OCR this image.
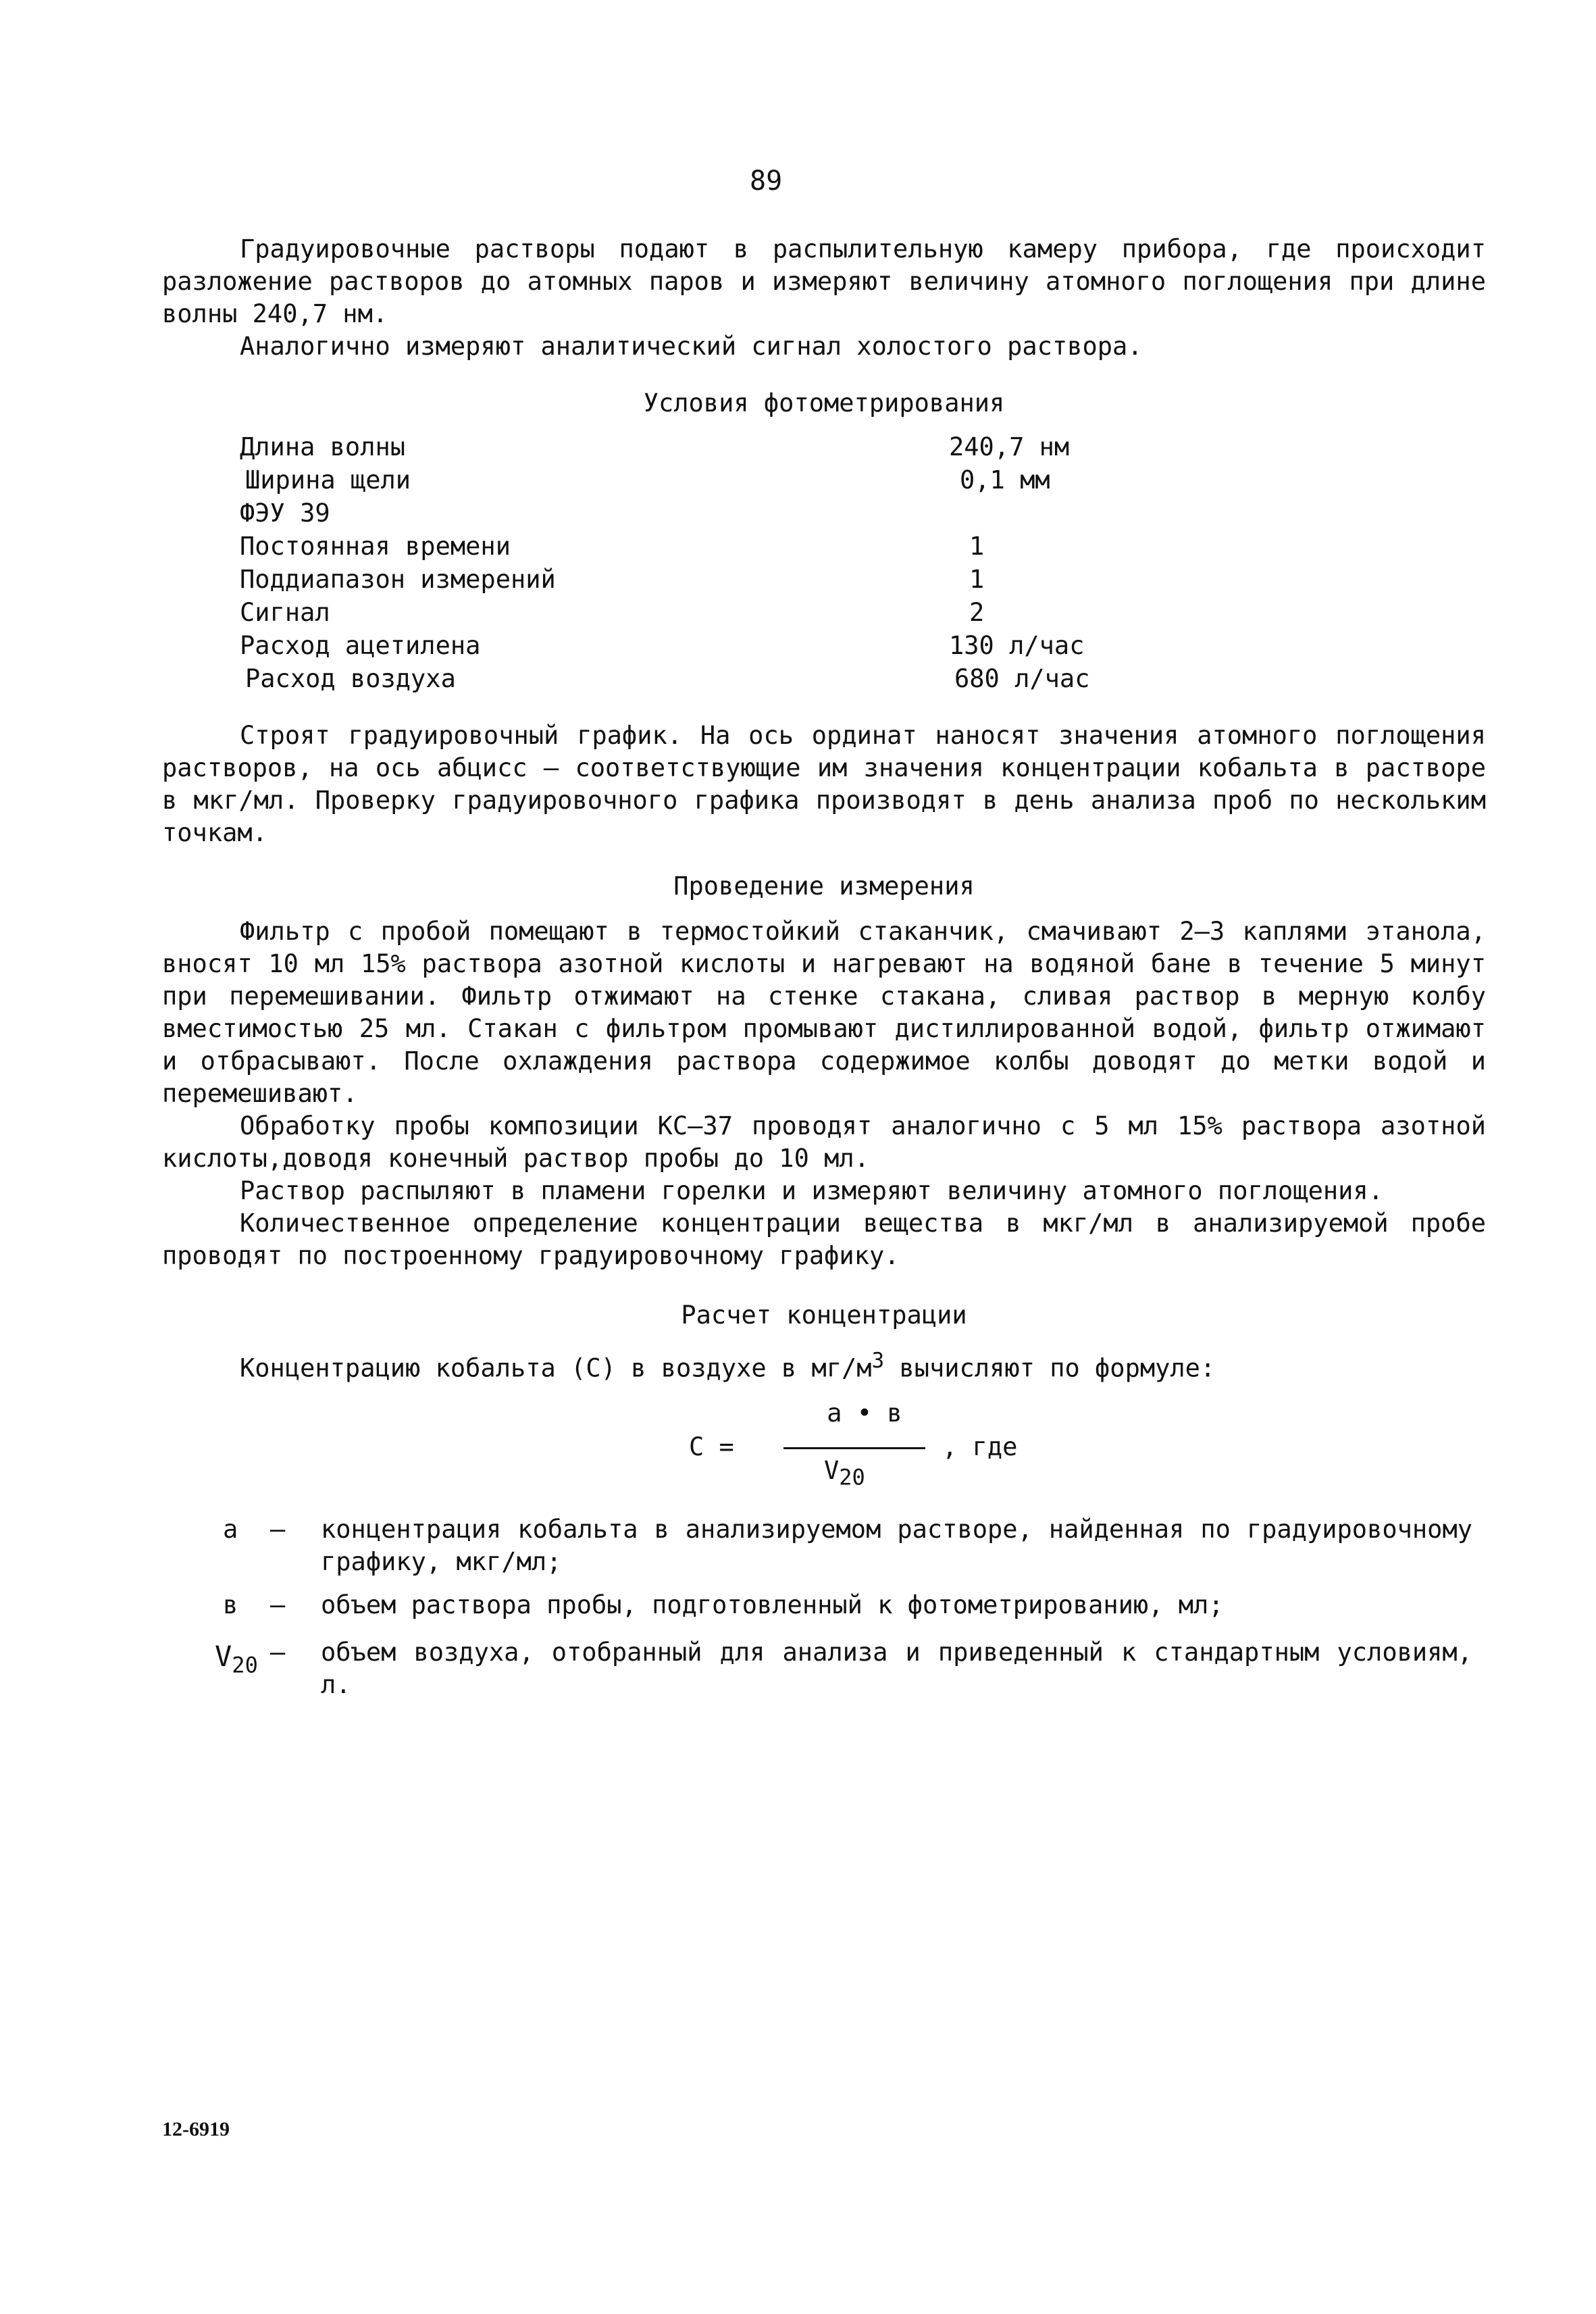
89

Градуировочные растворы подают в распылительную камеру прибора, где происходит разложение растворов до атомных паров и измеряют величину атомного поглощения при длине волны 240,7 нм.

Аналогично измеряют аналитический сигнал холостого раствора.

Условия фотометрирования
Длина волны	240,7 нм
Ширина щели	0,1 мм
ФЭУ 39
Постоянная времени	1
Поддиапазон измерений	1
Сигнал	2
Расход ацетилена	130 л/час
Расход воздуха	680 л/час

Строят градуировочный график. На ось ординат наносят значения атомного поглощения растворов, на ось абцисс – соответствующие им значения концентрации кобальта в растворе в мкг/мл. Проверку градуировочного графика производят в день анализа проб по нескольким точкам.

Проведение измерения

Фильтр с пробой помещают в термостойкий стаканчик, смачивают 2–3 каплями этанола, вносят 10 мл 15% раствора азотной кислоты и нагревают на водяной бане в течение 5 минут при перемешивании. Фильтр отжимают на стенке стакана, сливая раствор в мерную колбу вместимостью 25 мл. Стакан с фильтром промывают дистиллированной водой, фильтр отжимают и отбрасывают. После охлаждения раствора содержимое колбы доводят до метки водой и перемешивают.

Обработку пробы композиции КС–37 проводят аналогично с 5 мл 15% раствора азотной кислоты,доводя конечный раствор пробы до 10 мл.

Раствор распыляют в пламени горелки и измеряют величину атомного поглощения.

Количественное определение концентрации вещества в мкг/мл в анализируемой пробе проводят по построенному градуировочному графику.

Расчет концентрации

Концентрацию кобальта (С) в воздухе в $мг/м^3$ вычисляют по формуле:

С =
а • в
$V_{20}$
, где
а	– концентрация кобальта в анализируемом растворе, найденная по градуировочному графику, мкг/мл;
в	– объем раствора пробы, подготовленный к фотометрированию, мл;
$V_{20}$ – объем воздуха, отобранный для анализа и приведенный к стандартным условиям, л.
12-6919
